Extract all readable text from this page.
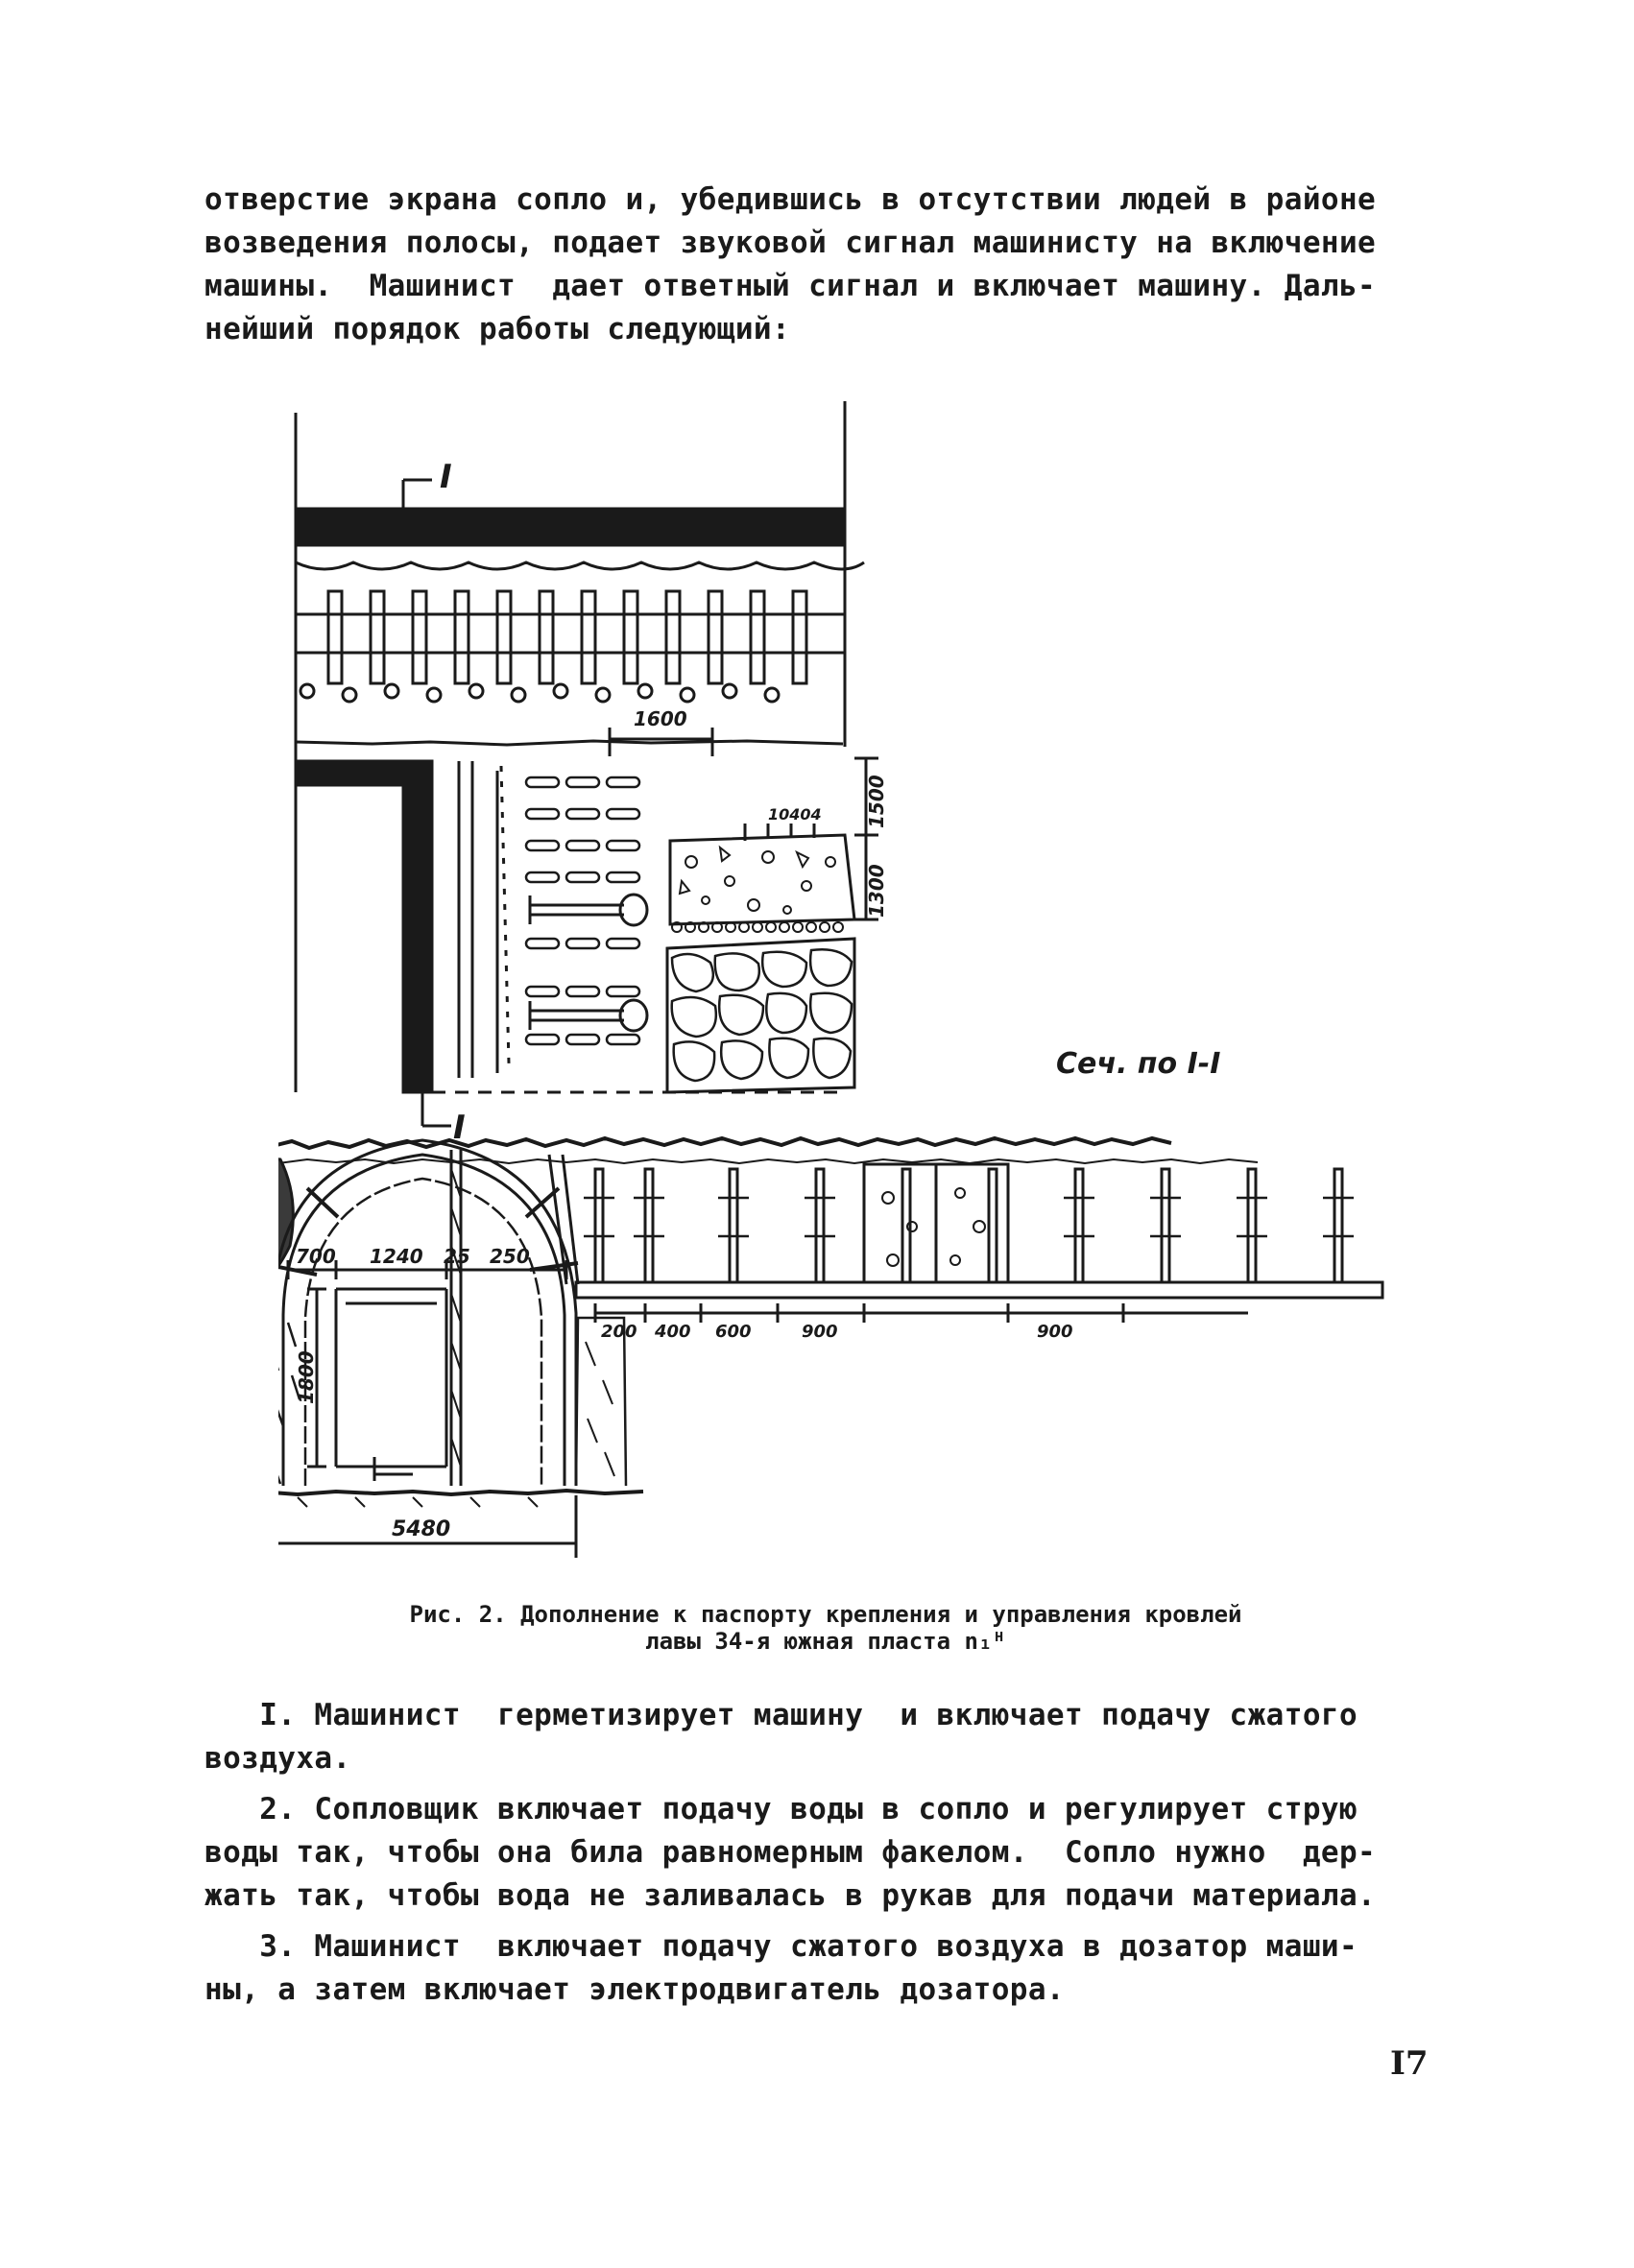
отверстие экрана сопло и, убедившись в отсутствии людей в районе
возведения полосы, подает звуковой сигнал машинисту на включение
машины.  Машинист  дает ответный сигнал и включает машину. Даль-
нейший порядок работы следующий:
I
I
Сеч. по I-I
1600
10404 1500
1300
700 1240 25 250
1800
5480
200 400 600	900	900
Рис. 2. Дополнение к паспорту крепления и управления кровлей
лавы 34-я южная пласта n₁ᴴ
I. Машинист  герметизирует машину  и включает подачу сжатого
воздуха.
2. Сопловщик включает подачу воды в сопло и регулирует струю
воды так, чтобы она била равномерным факелом.  Сопло нужно  дер-
жать так, чтобы вода не заливалась в рукав для подачи материала.
3. Машинист  включает подачу сжатого воздуха в дозатор маши-
ны, а затем включает электродвигатель дозатора.
I7
